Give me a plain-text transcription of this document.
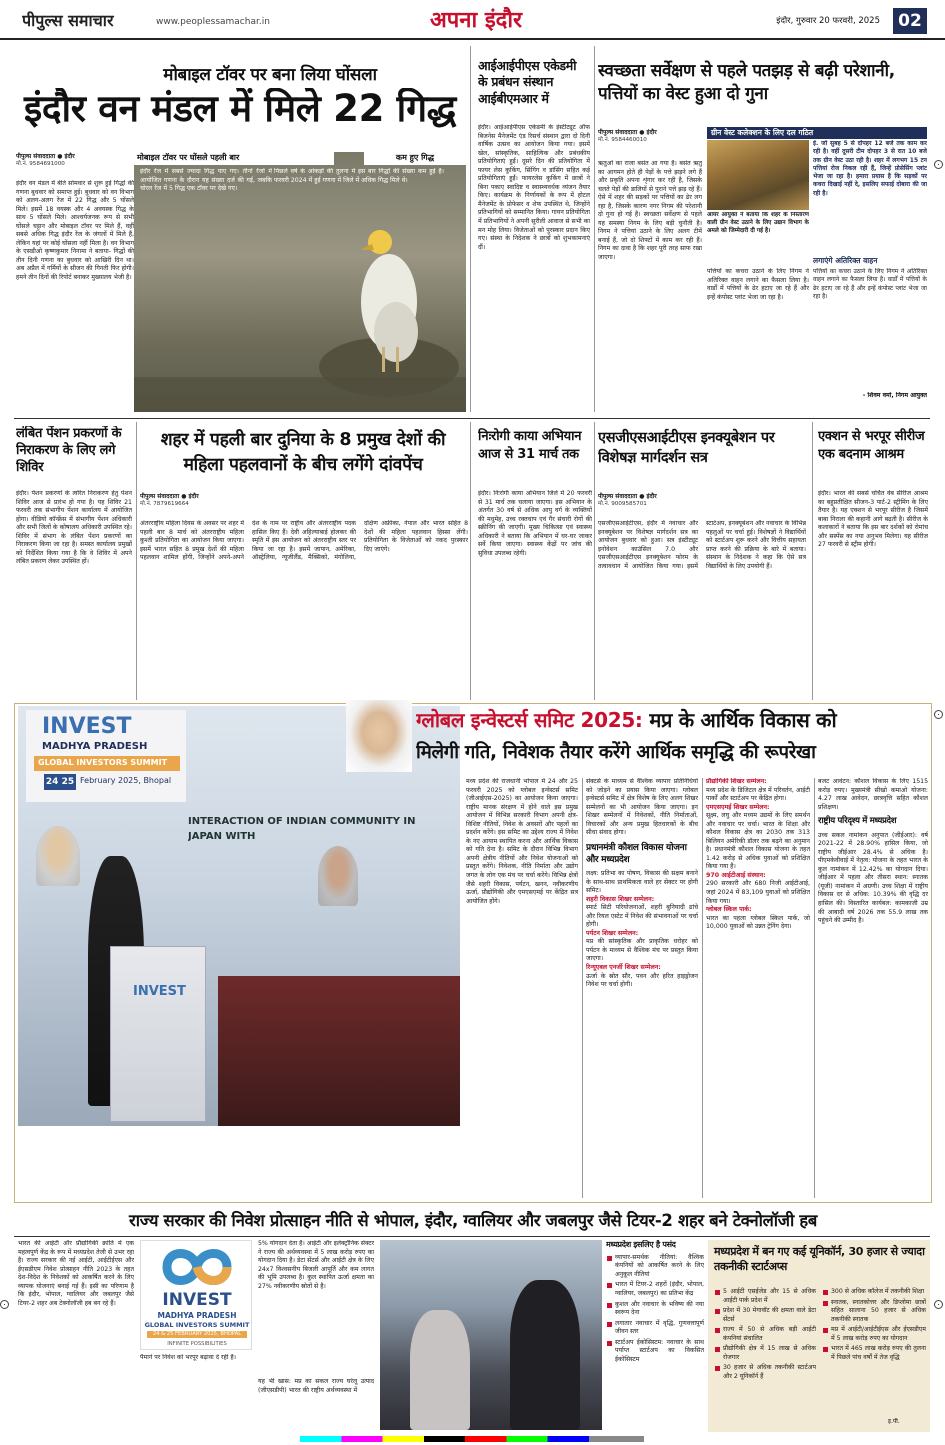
पीपुल्स समाचार	www.peoplessamachar.in	अपना इंदौर	इंदौर, गुरुवार 20 फरवरी, 2025	02
मोबाइल टॉवर पर बना लिया घोंसला
इंदौर वन मंडल में मिले 22 गिद्ध
पीपुल्स संवाददाता ● इंदौर
मो.नं. 9584691000
इंदौर वन मंडल में बीते सोमवार से शुरू हुई गिद्धों की गणना बुधवार को समाप्त हुई। बुधवार को वन विभाग को अलग-अलग रेंज में 22 गिद्ध और 5 घोंसले मिले। इसमें 18 वयस्क और 4 अवयस्क गिद्ध के साथ 5 घोंसले मिले। आश्चर्यजनक रूप से सभी घोंसले चट्टान और मोबाइल टॉवर पर मिले हैं, वहीं सबसे अधिक गिद्ध इंदौर रेंज के जंगलों में मिले हैं, लेकिन यहां पर कोई घोंसला नहीं मिला है। वन विभाग के एसडीओ कृष्णकुमार निनामा ने बताया- गिद्धों की तीन दिनी गणना का बुधवार को आखिरी दिन था। अब अप्रैल में गर्मियों के सीजन की गिनती फिर होगी। हमने तीन दिनों की रिपोर्ट बनाकर मुख्यालय भेजी है।
मोबाइल टॉवर पर घोंसले पहली बार	कम हुए गिद्ध
इंदौर रेंज में सबसे ज्यादा गिद्ध पाए गए। तीनों रेंजों में आयोजित गणना के दौरान यह संख्या दर्ज की गई, जबकि चोरल रेंज में 5 गिद्ध एक टॉवर पर देखे गए।
पिछले वर्ष के आंकड़ों की तुलना में इस बार गिद्धों की संख्या कम हुई है। फरवरी 2024 में हुई गणना में जिले में अधिक गिद्ध मिले थे।
आईआईपीएस एकेडमी के प्रबंधन संस्थान आईबीएमआर में
इंदौर। आईआईपीएस एकेडमी के इंस्टीट्यूट ऑफ बिजनेस मैनेजमेंट एंड रिसर्च संस्थान द्वारा दो दिनी वार्षिक उत्सव का आयोजन किया गया। इसमें खेल, सांस्कृतिक, साहित्यिक और प्रबंधकीय प्रतियोगिताएं हुईं। दूसरे दिन की प्रतियोगिता में फायर लेस कुकिंग, सिंगिंग व डांसिंग सहित कई प्रतियोगिताएं हुईं। फायरलेस कुकिंग में छात्रों ने बिना पकाए स्वादिष्ट व स्वास्थ्यवर्धक व्यंजन तैयार किए। कार्यक्रम के निर्णायकों के रूप में होटल मैनेजमेंट के प्रोफेसर व शेफ उपस्थित थे, जिन्होंने प्रतिभागियों को सम्मानित किया। गायन प्रतियोगिता में प्रतिभागियों ने अपनी सुरीली आवाज से सभी का मन मोह लिया। विजेताओं को पुरस्कार प्रदान किए गए। संस्था के निदेशक ने छात्रों को शुभकामनाएं दीं।
स्वच्छता सर्वेक्षण से पहले पतझड़ से बढ़ी परेशानी, पत्तियों का वेस्ट हुआ दो गुना
पीपुल्स संवाददाता ● इंदौर
मो.नं. 9584460010
ऋतुओं का राजा बसंत आ गया है। बसंत ऋतु का आगमन होते ही पेड़ों के पत्ते झड़ने लगे हैं और प्रकृति अपना शृंगार कर रही है, जिसके चलते पेड़ों की डालियों से पुराने पत्ते झड़ रहे हैं। ऐसे में शहर की सड़कों पर पत्तियों का ढेर लग रहा है, जिसके कारण नगर निगम की परेशानी दो गुना हो गई है। स्वच्छता सर्वेक्षण से पहले यह समस्या निगम के लिए बड़ी चुनौती है। निगम ने पत्तियां उठाने के लिए अलग टीमें बनाई हैं, जो दो शिफ्टों में काम कर रही हैं। निगम का दावा है कि शहर पूरी तरह साफ रखा जाएगा।
पत्तियों का कचरा उठाने के लिए निगम ने अतिरिक्त वाहन लगाने का फैसला लिया है। वार्डों में पत्तियों के ढेर हटाए जा रहे हैं और इन्हें कंपोस्ट प्लांट भेजा जा रहा है।
ग्रीन वेस्ट कलेक्शन के लिए दल गठित
आयर आयुक्त ने बताया कि शहर के निस्तारण वाली ग्रीन वेस्ट उठाने के लिए उद्यान विभाग के अमले को जिम्मेदारी दी गई है।
ई. जो सुबह 5 से दोपहर 12 बजे तक काम कर रही है। वहीं दूसरी टीम दोपहर 3 से रात 10 बजे तक ग्रीन वेस्ट उठा रही है। शहर में लगभग 15 टन पत्तियां रोज निकल रही हैं, जिन्हें प्रोसेसिंग प्लांट भेजा जा रहा है। हमारा प्रयास है कि सड़कों पर कचरा दिखाई नहीं दे, इसलिए सफाई दोबारा की जा रही है।
लगाएंगे अतिरिक्त वाहन
पत्तियों का कचरा उठाने के लिए निगम ने अतिरिक्त वाहन लगाने का फैसला लिया है। वार्डों में पत्तियों के ढेर हटाए जा रहे हैं और इन्हें कंपोस्ट प्लांट भेजा जा रहा है।
- शिवम वर्मा, निगम आयुक्त
लंबित पेंशन प्रकरणों के निराकरण के लिए लगे शिविर
इंदौर। पेंशन प्रकरणों के त्वरित निराकरण हेतु पेंशन शिविर आज से प्रारंभ हो गया है। यह शिविर 21 फरवरी तक संभागीय पेंशन कार्यालय में आयोजित होगा। वीडियो कॉन्फ्रेंस में संभागीय पेंशन अधिकारी और सभी जिलों के कोषालय अधिकारी उपस्थित रहे। शिविर में संभाग के लंबित पेंशन प्रकरणों का निराकरण किया जा रहा है। समस्त कार्यालय प्रमुखों को निर्देशित किया गया है कि वे शिविर में अपने लंबित प्रकरण लेकर उपस्थित हों।
शहर में पहली बार दुनिया के 8 प्रमुख देशों की महिला पहलवानों के बीच लगेंगे दांवपेंच
पीपुल्स संवाददाता ● इंदौर
मो.नं. 7879619664
अंतरराष्ट्रीय महिला दिवस के अवसर पर शहर में पहली बार 8 मार्च को अंतरराष्ट्रीय महिला कुश्ती प्रतियोगिता का आयोजन किया जाएगा। इसमें भारत सहित 8 प्रमुख देशों की महिला पहलवान शामिल होंगी, जिन्होंने अपने-अपने देश के नाम पर राष्ट्रीय और अंतरराष्ट्रीय पदक हासिल किए हैं। देवी अहिल्याबाई होलकर की स्मृति में इस आयोजन को अंतरराष्ट्रीय स्तर पर किया जा रहा है। इसमें जापान, अमेरिका, ऑस्ट्रेलिया, न्यूजीलैंड, मैक्सिको, मंगोलिया, दक्षिण अफ्रीका, नेपाल और भारत सहित 8 देशों की महिला पहलवान हिस्सा लेंगी। प्रतियोगिता के विजेताओं को नकद पुरस्कार दिए जाएंगे।
निःरोगी काया अभियान आज से 31 मार्च तक
इंदौर। निःरोगी काया अभियान जिले में 20 फरवरी से 31 मार्च तक चलाया जाएगा। इस अभियान के अंतर्गत 30 वर्ष से अधिक आयु वर्ग के व्यक्तियों की मधुमेह, उच्च रक्तचाप एवं गैर संचारी रोगों की स्क्रीनिंग की जाएगी। मुख्य चिकित्सा एवं स्वास्थ्य अधिकारी ने बताया कि अभियान में घर-घर जाकर सर्वे किया जाएगा। स्वास्थ्य केंद्रों पर जांच की सुविधा उपलब्ध रहेगी।
एसजीएसआईटीएस इनक्यूबेशन पर विशेषज्ञ मार्गदर्शन सत्र
पीपुल्स संवाददाता ● इंदौर
मो.नं. 9009585701
एसजीएसआईटीएस, इंदौर में नवाचार और इनक्यूबेशन पर विशेषज्ञ मार्गदर्शन सत्र का आयोजन बुधवार को हुआ। सत्र इंस्टीट्यूट इनोवेशन काउंसिल 7.0 और एसजीएसआईटीएस इनक्यूबेशन फोरम के तत्वावधान में आयोजित किया गया। इसमें स्टार्टअप, इनक्यूबेशन और नवाचार के विभिन्न पहलुओं पर चर्चा हुई। विशेषज्ञों ने विद्यार्थियों को स्टार्टअप शुरू करने और वित्तीय सहायता प्राप्त करने की प्रक्रिया के बारे में बताया। संस्थान के निदेशक ने कहा कि ऐसे सत्र विद्यार्थियों के लिए उपयोगी हैं।
एक्शन से भरपूर सीरीज एक बदनाम आश्रम
इंदौर। भारत की सबसे चर्चित वेब सीरीज आश्रम का बहुप्रतीक्षित सीजन-3 पार्ट-2 स्ट्रीमिंग के लिए तैयार है। यह एक्शन से भरपूर सीरीज है जिसमें बाबा निराला की कहानी आगे बढ़ती है। सीरीज के कलाकारों ने बताया कि इस बार दर्शकों को रोमांच और सस्पेंस का नया अनुभव मिलेगा। यह सीरीज 27 फरवरी से स्ट्रीम होगी।
INVEST
MADHYA PRADESH
GLOBAL INVESTORS SUMMIT
24 25 February 2025, Bhopal
INTERACTION OF INDIAN COMMUNITY IN JAPAN WITH
INVEST
ग्लोबल इन्वेस्टर्स समिट 2025: मप्र के आर्थिक विकास को
मिलेगी गति, निवेशक तैयार करेंगे आर्थिक समृद्धि की रूपरेखा
मध्य प्रदेश की राजधानी भोपाल में 24 और 25 फरवरी 2025 को ग्लोबल इन्वेस्टर्स समिट (जीआईएस-2025) का आयोजन किया जाएगा। राष्ट्रीय मानक संरक्षण में होने वाले इस प्रमुख आयोजन में विभिन्न सरकारी विभाग अपनी क्षेत्र-विशिष्ट नीतियों, निवेश के अवसरों और पहलों का प्रदर्शन करेंगे। इस समिट का उद्देश्य राज्य में निवेश के नए आयाम स्थापित करना और आर्थिक विकास को गति देना है। समिट के दौरान विभिन्न विभाग अपनी क्षेत्रीय नीतियों और निवेश योजनाओं को प्रस्तुत करेंगे। निवेशक, नीति निर्माता और उद्योग जगत के लोग एक मंच पर चर्चा करेंगे। विभिन्न क्षेत्रों जैसे शहरी विकास, पर्यटन, खनन, नवीकरणीय ऊर्जा, प्रौद्योगिकी और एमएसएमई पर केंद्रित सत्र आयोजित होंगे।
सेक्टर्स के माध्यम से वैश्विक व्यापार प्रतिनिधियों को जोड़ने का प्रयास किया जाएगा। ग्लोबल इन्वेस्टर्स समिट में क्षेत्र विशेष के लिए अलग शिखर सम्मेलनों का भी आयोजन किया जाएगा। इन शिखर सम्मेलनों में निवेशकों, नीति निर्माताओं, विचारकों और अन्य प्रमुख हितधारकों के बीच सीधा संवाद होगा।
प्रधानमंत्री कौशल विकास योजना और मध्यप्रदेश
लक्ष्य: प्रतिभा का पोषण, विकास की सक्षम बनाने के साथ-साथ प्राथमिकता वाले हर सेक्टर पर होगी समिट।
शहरी विकास शिखर सम्मेलन:
स्मार्ट सिटी परियोजनाओं, शहरी बुनियादी ढांचे और रियल एस्टेट में निवेश की संभावनाओं पर चर्चा होगी।
पर्यटन शिखर सम्मेलन:
मप्र की सांस्कृतिक और प्राकृतिक धरोहर को पर्यटन के माध्यम से वैश्विक मंच पर प्रस्तुत किया जाएगा।
रिन्यूएबल एनर्जी शिखर सम्मेलन:
ऊर्जा के स्रोत सौर, पवन और हरित हाइड्रोजन निवेश पर चर्चा होगी।
प्रौद्योगिकी शिखर सम्मेलन:
मध्य प्रदेश के डिजिटल क्षेत्र में परिवर्तन, आईटी पार्कों और स्टार्टअप पर केंद्रित होगा।
एमएसएमई शिखर सम्मेलन:
सूक्ष्म, लघु और मध्यम उद्यमों के लिए समर्थन और नवाचार पर चर्चा। भारत के शिक्षा और कौशल विकास क्षेत्र का 2030 तक 313 बिलियन अमेरिकी डॉलर तक बढ़ने का अनुमान है। प्रधानमंत्री कौशल विकास योजना के तहत 1.42 करोड़ से अधिक युवाओं को प्रशिक्षित किया गया है।
970 आईटीआई संस्थान:
290 सरकारी और 680 निजी आईटीआई, जहां 2024 में 83,109 युवाओं को प्रशिक्षित किया गया।
ग्लोबल स्किल पार्क:
भारत का पहला ग्लोबल स्किल पार्क, जो 10,000 युवाओं को उन्नत ट्रेनिंग देगा।
बजट आवंटन: कौशल विकास के लिए 1515 करोड़ रुपए। मुख्यमंत्री सीखो कमाओ योजना: 4.27 लाख आवेदन, छात्रवृत्ति सहित कौशल प्रशिक्षण।
राष्ट्रीय परिदृश्य में मध्यप्रदेश
उच्च सकल नामांकन अनुपात (जीईआर): वर्ष 2021-22 में 28.90% हासिल किया, जो राष्ट्रीय जीईआर 28.4% से अधिक है। पीएमकेवीवाई में नेतृत्व: योजना के तहत भारत के कुल नामांकन में 12.42% का योगदान दिया। जीईआर में पहला और तीसरा स्थान: स्नातक (यूजी) नामांकन में अग्रणी। उच्च शिक्षा में राष्ट्रीय विकास दर से अधिक: 10.39% की वृद्धि दर हासिल की। विस्तारित कार्यबल: कामकाजी उम्र की आबादी वर्ष 2026 तक 55.9 लाख तक पहुंचने की उम्मीद है।
राज्य सरकार की निवेश प्रोत्साहन नीति से भोपाल, इंदौर, ग्वालियर और जबलपुर जैसे टियर-2 शहर बने टेक्नोलॉजी हब
भारत की आईटी और प्रौद्योगिकी क्रांति में एक महत्वपूर्ण केंद्र के रूप में मध्यप्रदेश तेजी से उभर रहा है। राज्य सरकार की नई आईटी, आईटीईएस और ईएसडीएम निवेश प्रोत्साहन नीति 2023 के तहत देश-विदेश के निवेशकों को आकर्षित करने के लिए व्यापक योजनाएं बनाई गई हैं। इसी का परिणाम है कि इंदौर, भोपाल, ग्वालियर और जबलपुर जैसे टियर-2 शहर अब टेक्नोलॉजी हब बन रहे हैं।	INVEST
MADHYA PRADESH
GLOBAL INVESTORS SUMMIT
24 & 25 FEBRUARY 2025, BHOPAL
INFINITE POSSIBILITIES
पैमाने पर निवेश को भरपूर बढ़ावा दे रही है।
5% योगदान देता है। आईटी और इलेक्ट्रॉनिक सेक्टर ने राज्य की अर्थव्यवस्था में 5 लाख करोड़ रुपए का योगदान दिया है। डेटा सेंटर्स और आईटी क्षेत्र के लिए 24x7 विश्वसनीय बिजली आपूर्ति और कम लागत की भूमि उपलब्ध है। कुल स्थापित ऊर्जा क्षमता का 27% नवीकरणीय स्रोतों से है।
यह भी खास: मप्र का सकल राज्य घरेलू उत्पाद (जीएसडीपी) भारत की राष्ट्रीय अर्थव्यवस्था में
मध्यप्रदेश इसलिए है पसंद
व्यापार-समर्थक नीतियां: वैश्विक कंपनियों को आकर्षित करने के लिए अनुकूल नीतियां
भारत में टियर-2 शहरों (इंदौर, भोपाल, ग्वालियर, जबलपुर) का प्रतिभा केंद्र
कुशल और नवाचार के भविष्य की नया स्वरूप देना
लगातार नवाचार में वृद्धि, गुणवत्तापूर्ण जीवन स्तर
स्टार्टअप ईकोसिस्टम: नवाचार के साथ पर्याप्त स्टार्टअप का विकसित ईकोसिस्टम
मध्यप्रदेश में बन गए कई यूनिकॉर्न, 30 हजार से ज्यादा तकनीकी स्टार्टअप्स
5 आईटी एसईजेड और 15 से अधिक आईटी पार्क प्रदेश में
प्रदेश में 30 मेगावॉट की क्षमता वाले डेटा सेंटर्स
राज्य में 50 से अधिक बड़ी आईटी कंपनियां संचालित
प्रौद्योगिकी क्षेत्र में 15 लाख से अधिक रोजगार
30 हजार से अधिक तकनीकी स्टार्टअप और 2 यूनिकॉर्न हैं
300 से अधिक कॉलेज में तकनीकी शिक्षा
स्नातक, स्नातकोत्तर और डिप्लोमा छात्रों सहित सालाना 50 हजार से अधिक तकनीकी स्नातक
मप्र में आईटी/आईटीईएस और ईएसडीएम में 5 लाख करोड़ रुपए का योगदान
भारत में 465 लाख करोड़ रुपए की तुलना में पिछले पांच वर्षों में तेज वृद्धि
इ.पी.
